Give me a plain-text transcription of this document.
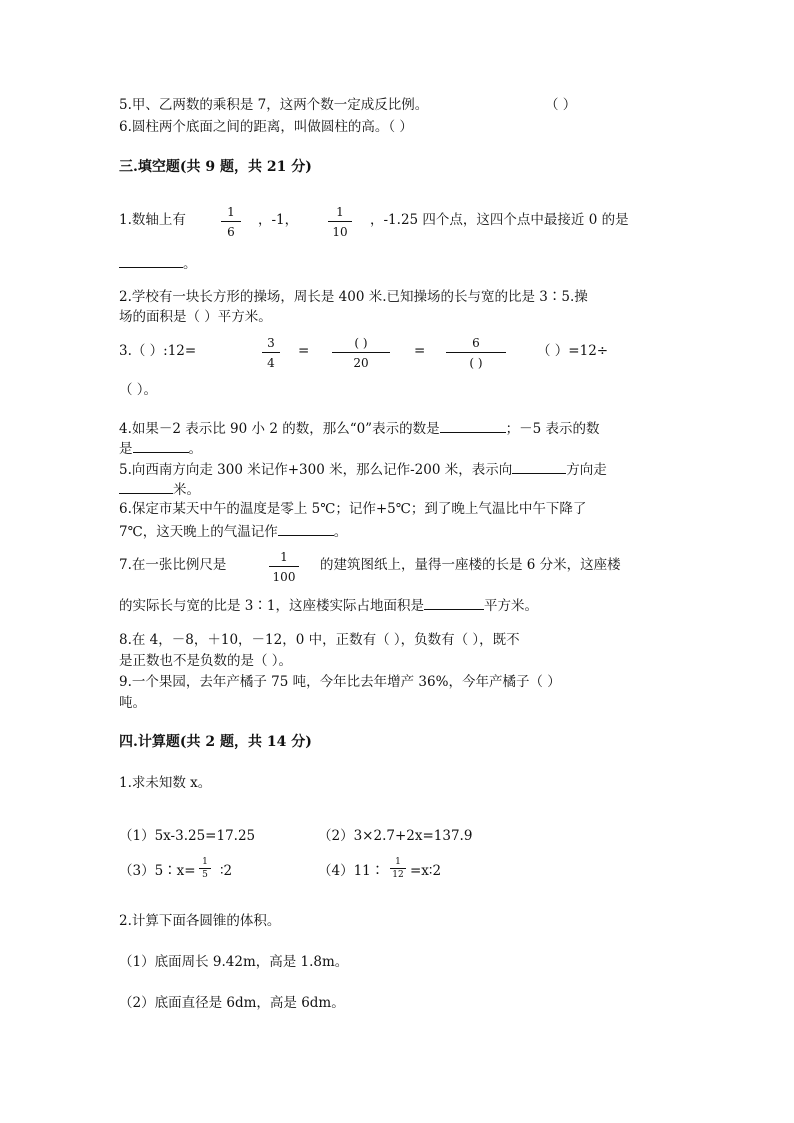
5.甲、乙两数的乘积是 7，这两个数一定成反比例。	（ ）
6.圆柱两个底面之间的距离，叫做圆柱的高。（ ）
三.填空题(共 9 题，共 21 分)
1.数轴上有	1
6
，-1，	1
10
，-1.25 四个点，这四个点中最接近 0 的是
。
2.学校有一块长方形的操场，周长是 400 米.已知操场的长与宽的比是 3∶5.操
场的面积是（ ）平方米。
3.（ ）:12=	3
4
=	( )
20
=	6
( )
（ ）=12÷
（ ）。
4.如果－2 表示比 90 小 2 的数，那么“0”表示的数是	；－5 表示的数
是	。
5.向西南方向走 300 米记作+300 米，那么记作-200 米，表示向	方向走
米。
6.保定市某天中午的温度是零上 5℃；记作+5℃；到了晚上气温比中午下降了
7℃，这天晚上的气温记作	。
7.在一张比例尺是	1
100
的建筑图纸上，量得一座楼的长是 6 分米，这座楼
的实际长与宽的比是 3∶1，这座楼实际占地面积是	平方米。
8.在 4，－8，＋10，－12，0 中，正数有（ ），负数有（ ），既不
是正数也不是负数的是（ ）。
9.一个果园，去年产橘子 75 吨，今年比去年增产 36%，今年产橘子（ ）
吨。
四.计算题(共 2 题，共 14 分)
1.求未知数 x。
（1）5x-3.25=17.25	（2）3×2.7+2x=137.9
（3）5∶x=
1
5 ∶2	（4）11∶
1
12 =x∶2
2.计算下面各圆锥的体积。
（1）底面周长 9.42m，高是 1.8m。
（2）底面直径是 6dm，高是 6dm。
